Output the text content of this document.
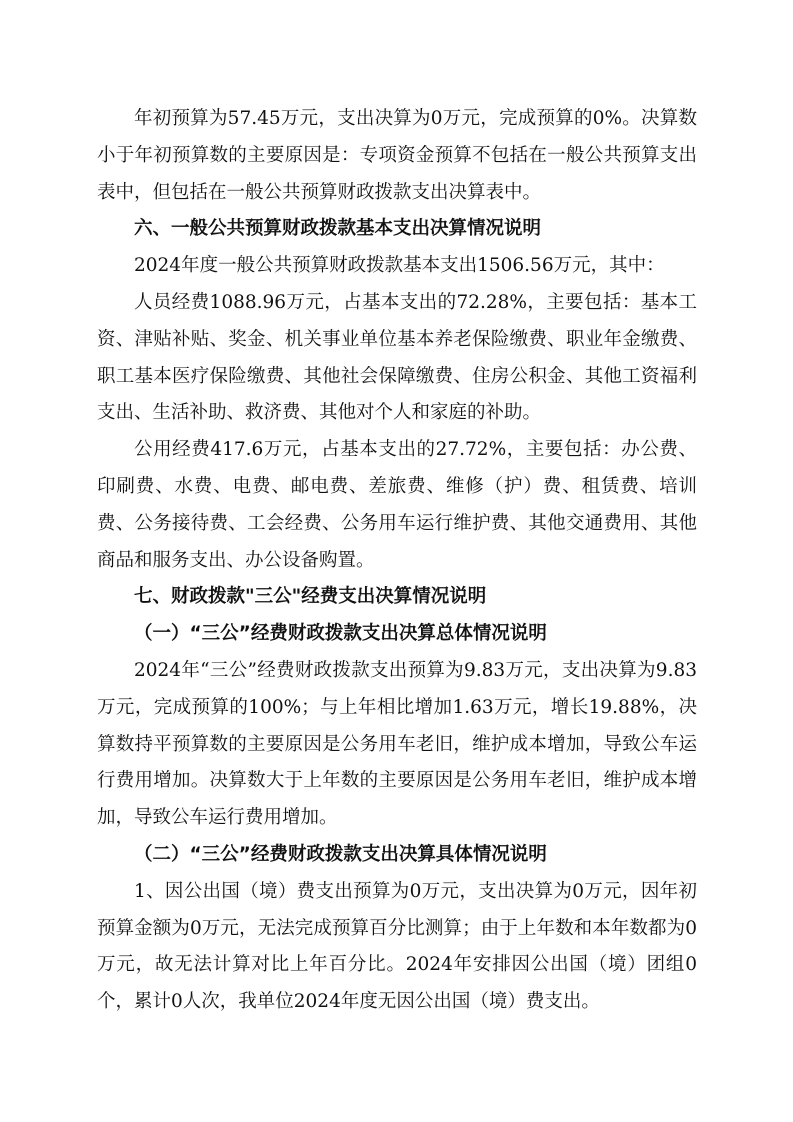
年初预算为57.45万元，支出决算为0万元，完成预算的0%。决算数小于年初预算数的主要原因是：专项资金预算不包括在一般公共预算支出表中，但包括在一般公共预算财政拨款支出决算表中。

六、一般公共预算财政拨款基本支出决算情况说明

2024年度一般公共预算财政拨款基本支出1506.56万元，其中：

人员经费1088.96万元，占基本支出的72.28%，主要包括：基本工资、津贴补贴、奖金、机关事业单位基本养老保险缴费、职业年金缴费、职工基本医疗保险缴费、其他社会保障缴费、住房公积金、其他工资福利支出、生活补助、救济费、其他对个人和家庭的补助。

公用经费417.6万元，占基本支出的27.72%，主要包括：办公费、印刷费、水费、电费、邮电费、差旅费、维修（护）费、租赁费、培训费、公务接待费、工会经费、公务用车运行维护费、其他交通费用、其他商品和服务支出、办公设备购置。

七、财政拨款"三公"经费支出决算情况说明
（一）“三公”经费财政拨款支出决算总体情况说明

2024年“三公”经费财政拨款支出预算为9.83万元，支出决算为9.83万元，完成预算的100%；与上年相比增加1.63万元，增长19.88%，决算数持平预算数的主要原因是公务用车老旧，维护成本增加，导致公车运行费用增加。决算数大于上年数的主要原因是公务用车老旧，维护成本增加，导致公车运行费用增加。

（二）“三公”经费财政拨款支出决算具体情况说明

1、因公出国（境）费支出预算为0万元，支出决算为0万元，因年初预算金额为0万元，无法完成预算百分比测算；由于上年数和本年数都为0万元，故无法计算对比上年百分比。2024年安排因公出国（境）团组0个，累计0人次，我单位2024年度无因公出国（境）费支出。
